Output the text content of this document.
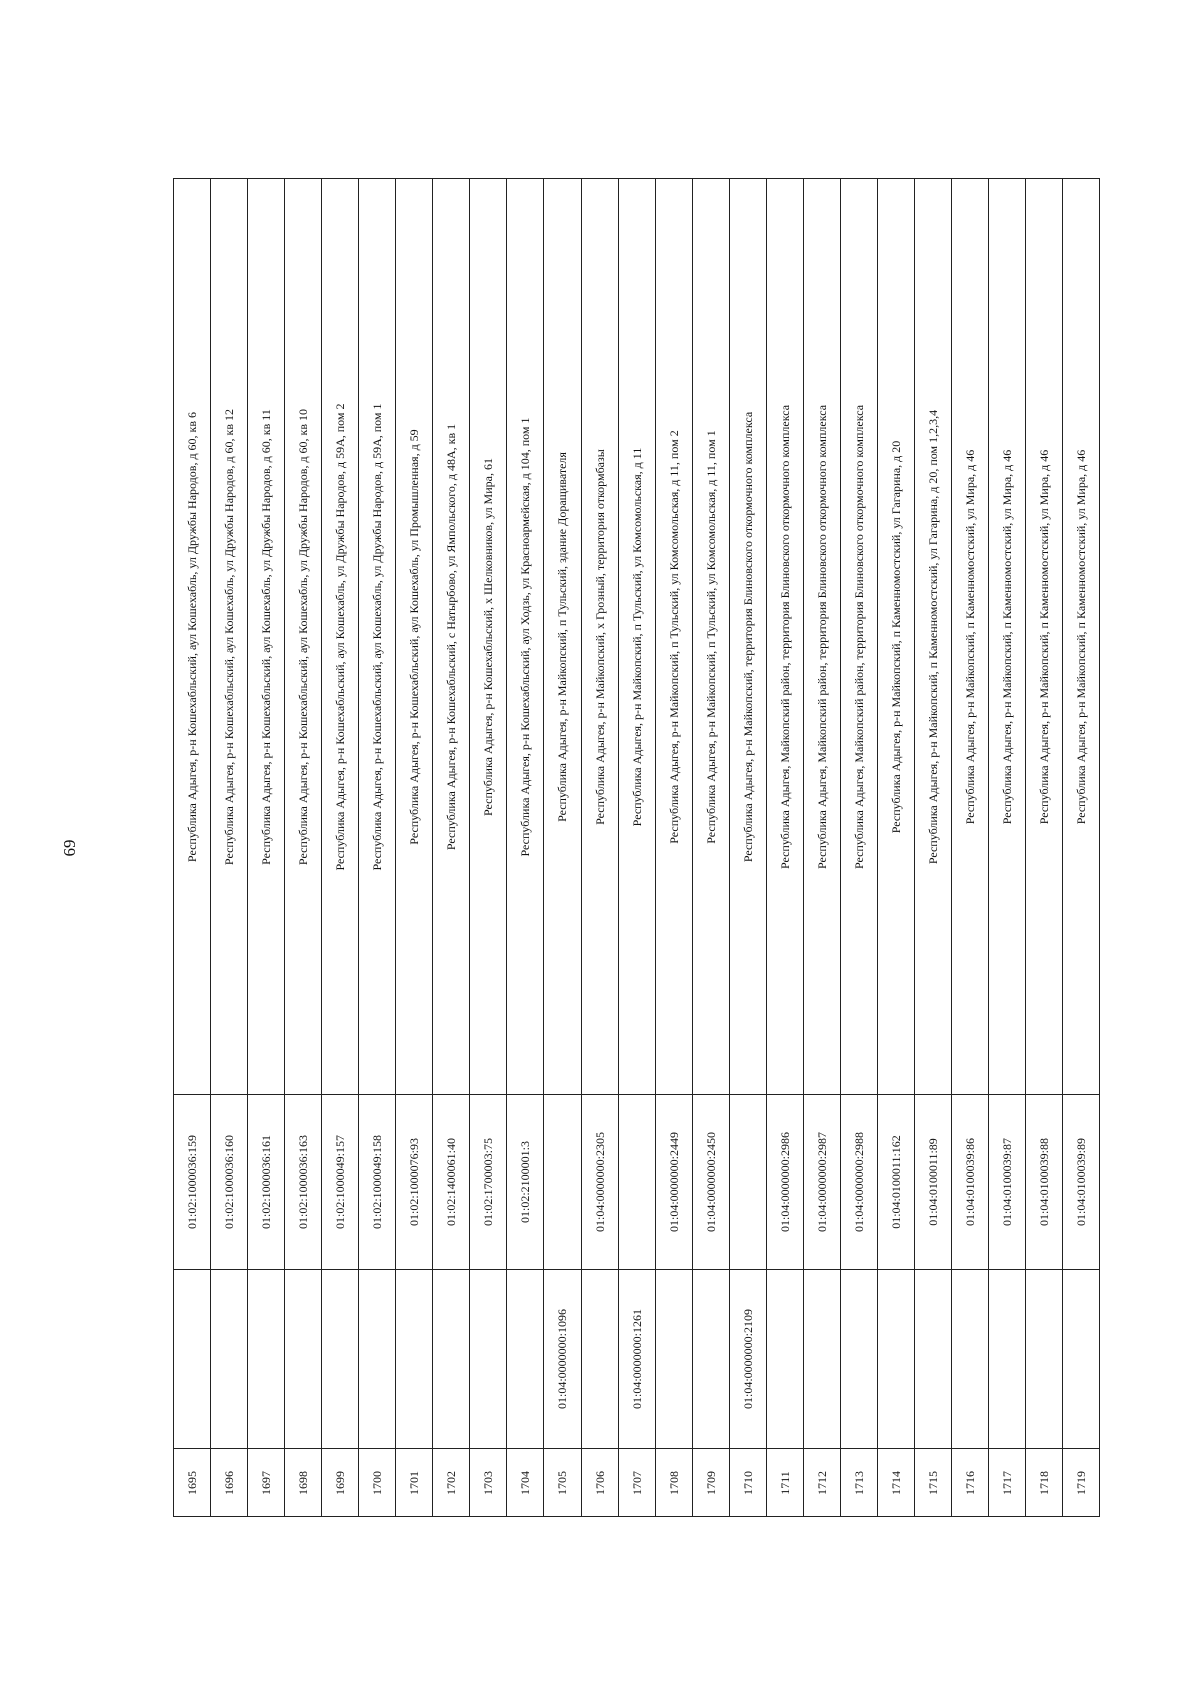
69	Республика Адыгея, р-н Кошехабльский, аул Кошехабль, ул Дружбы Народов, д 60, кв 6
01:02:1000036:159
1695
Республика Адыгея, р-н Кошехабльский, аул Кошехабль, ул Дружбы Народов, д 60, кв 12
01:02:1000036:160
1696
Республика Адыгея, р-н Кошехабльский, аул Кошехабль, ул Дружбы Народов, д 60, кв 11
01:02:1000036:161
1697
Республика Адыгея, р-н Кошехабльский, аул Кошехабль, ул Дружбы Народов, д 60, кв 10
01:02:1000036:163
1698
Республика Адыгея, р-н Кошехабльский, аул Кошехабль, ул Дружбы Народов, д 59А, пом 2
01:02:1000049:157
1699
Республика Адыгея, р-н Кошехабльский, аул Кошехабль, ул Дружбы Народов, д 59А, пом 1
01:02:1000049:158
1700
Республика Адыгея, р-н Кошехабльский, аул Кошехабль, ул Промышленная, д 59
01:02:1000076:93
1701
Республика Адыгея, р-н Кошехабльский, с Натырбово, ул Ямпольского, д 48А, кв 1
01:02:1400061:40
1702
Республика Адыгея, р-н Кошехабльский, х Шелковников, ул Мира, 61
01:02:1700003:75
1703
Республика Адыгея, р-н Кошехабльский, аул Ходзь, ул Красноармейская, д 104, пом 1
01:02:2100001:3
1704
Республика Адыгея, р-н Майкопский, п Тульский, здание Доращивателя
01:04:0000000:1096
1705
Республика Адыгея, р-н Майкопский, х Грозный, территория откормбазы
01:04:0000000:2305
1706
Республика Адыгея, р-н Майкопский, п Тульский, ул Комсомольская, д 11
01:04:0000000:1261
1707
Республика Адыгея, р-н Майкопский, п Тульский, ул Комсомольская, д 11, пом 2
01:04:0000000:2449
1708
Республика Адыгея, р-н Майкопский, п Тульский, ул Комсомольская, д 11, пом 1
01:04:0000000:2450
1709
Республика Адыгея, р-н Майкопский, территория Блиновского откормочного комплекса
01:04:0000000:2109
1710
Республика Адыгея, Майкопский район, территория Блиновского откормочного комплекса
01:04:0000000:2986
1711
Республика Адыгея, Майкопский район, территория Блиновского откормочного комплекса
01:04:0000000:2987
1712
Республика Адыгея, Майкопский район, территория Блиновского откормочного комплекса
01:04:0000000:2988
1713
Республика Адыгея, р-н Майкопский, п Каменномостский, ул Гагарина, д 20
01:04:0100011:162
1714
Республика Адыгея, р-н Майкопский, п Каменномостский, ул Гагарина, д 20, пом 1,2,3,4
01:04:0100011:89
1715
Республика Адыгея, р-н Майкопский, п Каменномостский, ул Мира, д 46
01:04:0100039:86
1716
Республика Адыгея, р-н Майкопский, п Каменномостский, ул Мира, д 46
01:04:0100039:87
1717
Республика Адыгея, р-н Майкопский, п Каменномостский, ул Мира, д 46
01:04:0100039:88
1718
Республика Адыгея, р-н Майкопский, п Каменномостский, ул Мира, д 46
01:04:0100039:89
1719
